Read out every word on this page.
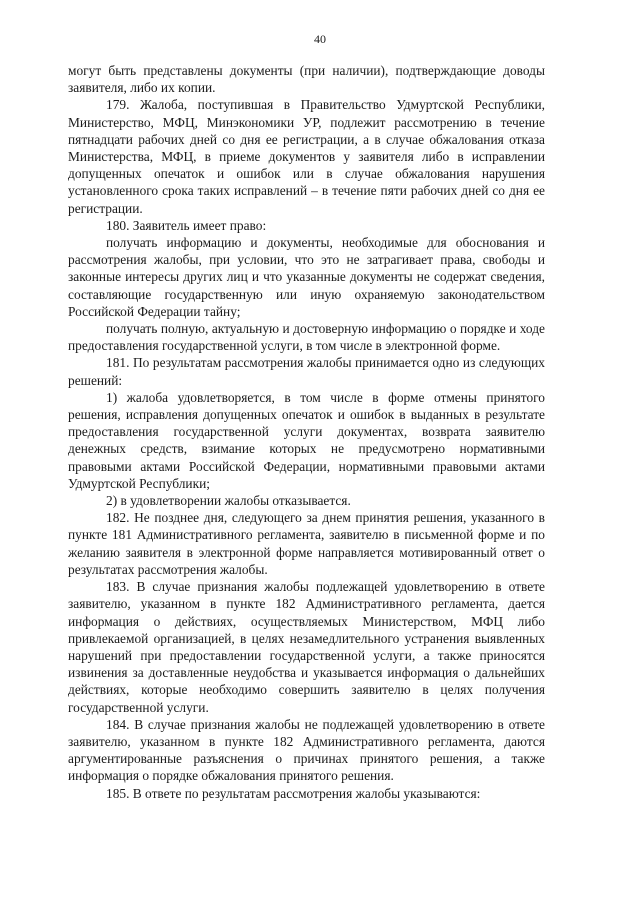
40

могут быть представлены документы (при наличии), подтверждающие доводы заявителя, либо их копии.

179. Жалоба, поступившая в Правительство Удмуртской Республики, Министерство, МФЦ, Минэкономики УР, подлежит рассмотрению в течение пятнадцати рабочих дней со дня ее регистрации, а в случае обжалования отказа Министерства, МФЦ, в приеме документов у заявителя либо в исправлении допущенных опечаток и ошибок или в случае обжалования нарушения установленного срока таких исправлений – в течение пяти рабочих дней со дня ее регистрации.

180. Заявитель имеет право:

получать информацию и документы, необходимые для обоснования и рассмотрения жалобы, при условии, что это не затрагивает права, свободы и законные интересы других лиц и что указанные документы не содержат сведения, составляющие государственную или иную охраняемую законодательством Российской Федерации тайну;

получать полную, актуальную и достоверную информацию о порядке и ходе предоставления государственной услуги, в том числе в электронной форме.

181. По результатам рассмотрения жалобы принимается одно из следующих решений:

1) жалоба удовлетворяется, в том числе в форме отмены принятого решения, исправления допущенных опечаток и ошибок в выданных в результате предоставления государственной услуги документах, возврата заявителю денежных средств, взимание которых не предусмотрено нормативными правовыми актами Российской Федерации, нормативными правовыми актами Удмуртской Республики;

2) в удовлетворении жалобы отказывается.

182. Не позднее дня, следующего за днем принятия решения, указанного в пункте 181 Административного регламента, заявителю в письменной форме и по желанию заявителя в электронной форме направляется мотивированный ответ о результатах рассмотрения жалобы.

183. В случае признания жалобы подлежащей удовлетворению в ответе заявителю, указанном в пункте 182 Административного регламента, дается информация о действиях, осуществляемых Министерством, МФЦ либо привлекаемой организацией, в целях незамедлительного устранения выявленных нарушений при предоставлении государственной услуги, а также приносятся извинения за доставленные неудобства и указывается информация о дальнейших действиях, которые необходимо совершить заявителю в целях получения государственной услуги.

184. В случае признания жалобы не подлежащей удовлетворению в ответе заявителю, указанном в пункте 182 Административного регламента, даются аргументированные разъяснения о причинах принятого решения, а также информация о порядке обжалования принятого решения.

185. В ответе по результатам рассмотрения жалобы указываются:
